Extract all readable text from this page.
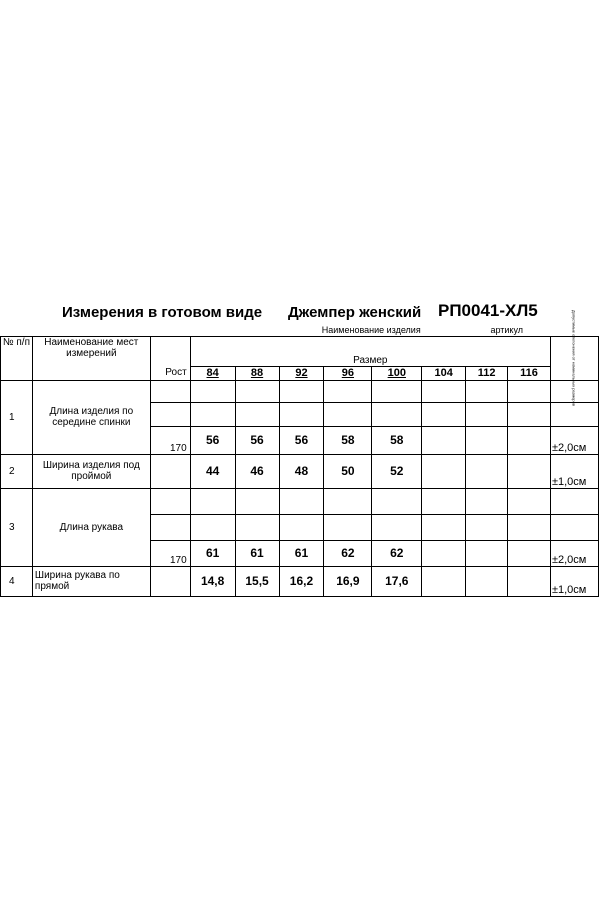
Измерения в готовом виде Джемпер женский РП0041-ХЛ5
								Наименование изделия			артикул
№ п/п	Наименование мест измерений		Размер								Допустимые отклонения от номинальных размеров

		Рост	84	88	92	96	100	104	112	116	
1	Длина изделия по середине спинки										

		170	56	56	56	58	58				±2,0см
2	Ширина изделия под проймой		44	46	48	50	52				±1,0см
3	Длина рукава										

		170	61	61	61	62	62				±2,0см
4	Ширина рукава по прямой		14,8	15,5	16,2	16,9	17,6				±1,0см
